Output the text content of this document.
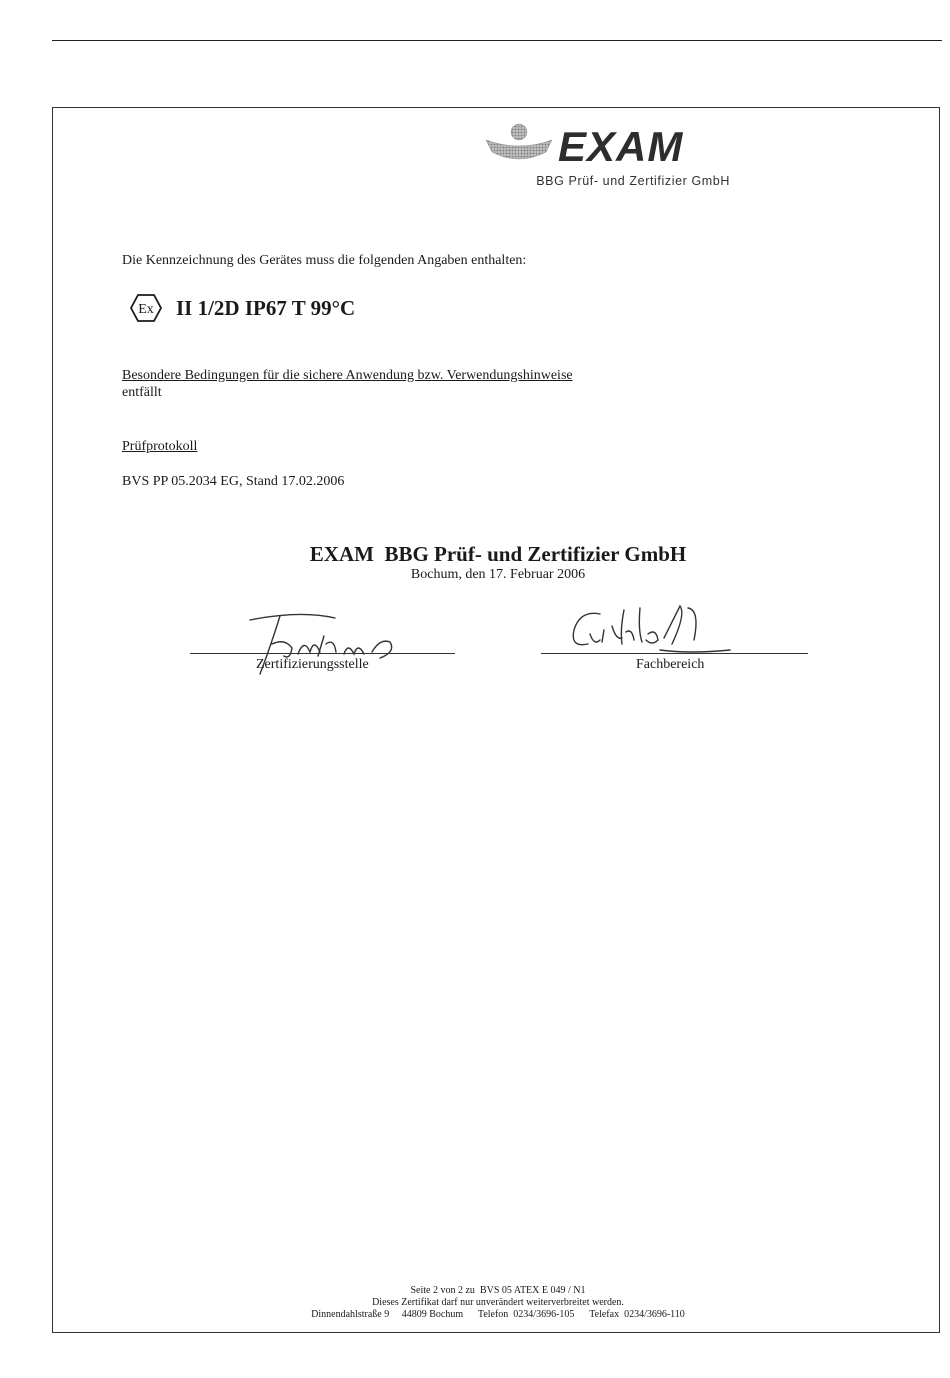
EXAM
BBG Prüf- und Zertifizier GmbH
Die Kennzeichnung des Gerätes muss die folgenden Angaben enthalten:
Ex II 1/2D IP67 T 99°C
Besondere Bedingungen für die sichere Anwendung bzw. Verwendungshinweise
entfällt
Prüfprotokoll
BVS PP 05.2034 EG, Stand 17.02.2006
EXAM  BBG Prüf- und Zertifizier GmbH
Bochum, den 17. Februar 2006
Zertifizierungsstelle	Fachbereich
Seite 2 von 2 zu  BVS 05 ATEX E 049 / N1
Dieses Zertifikat darf nur unverändert weiterverbreitet werden.
Dinnendahlstraße 9     44809 Bochum      Telefon  0234/3696-105      Telefax  0234/3696-110
